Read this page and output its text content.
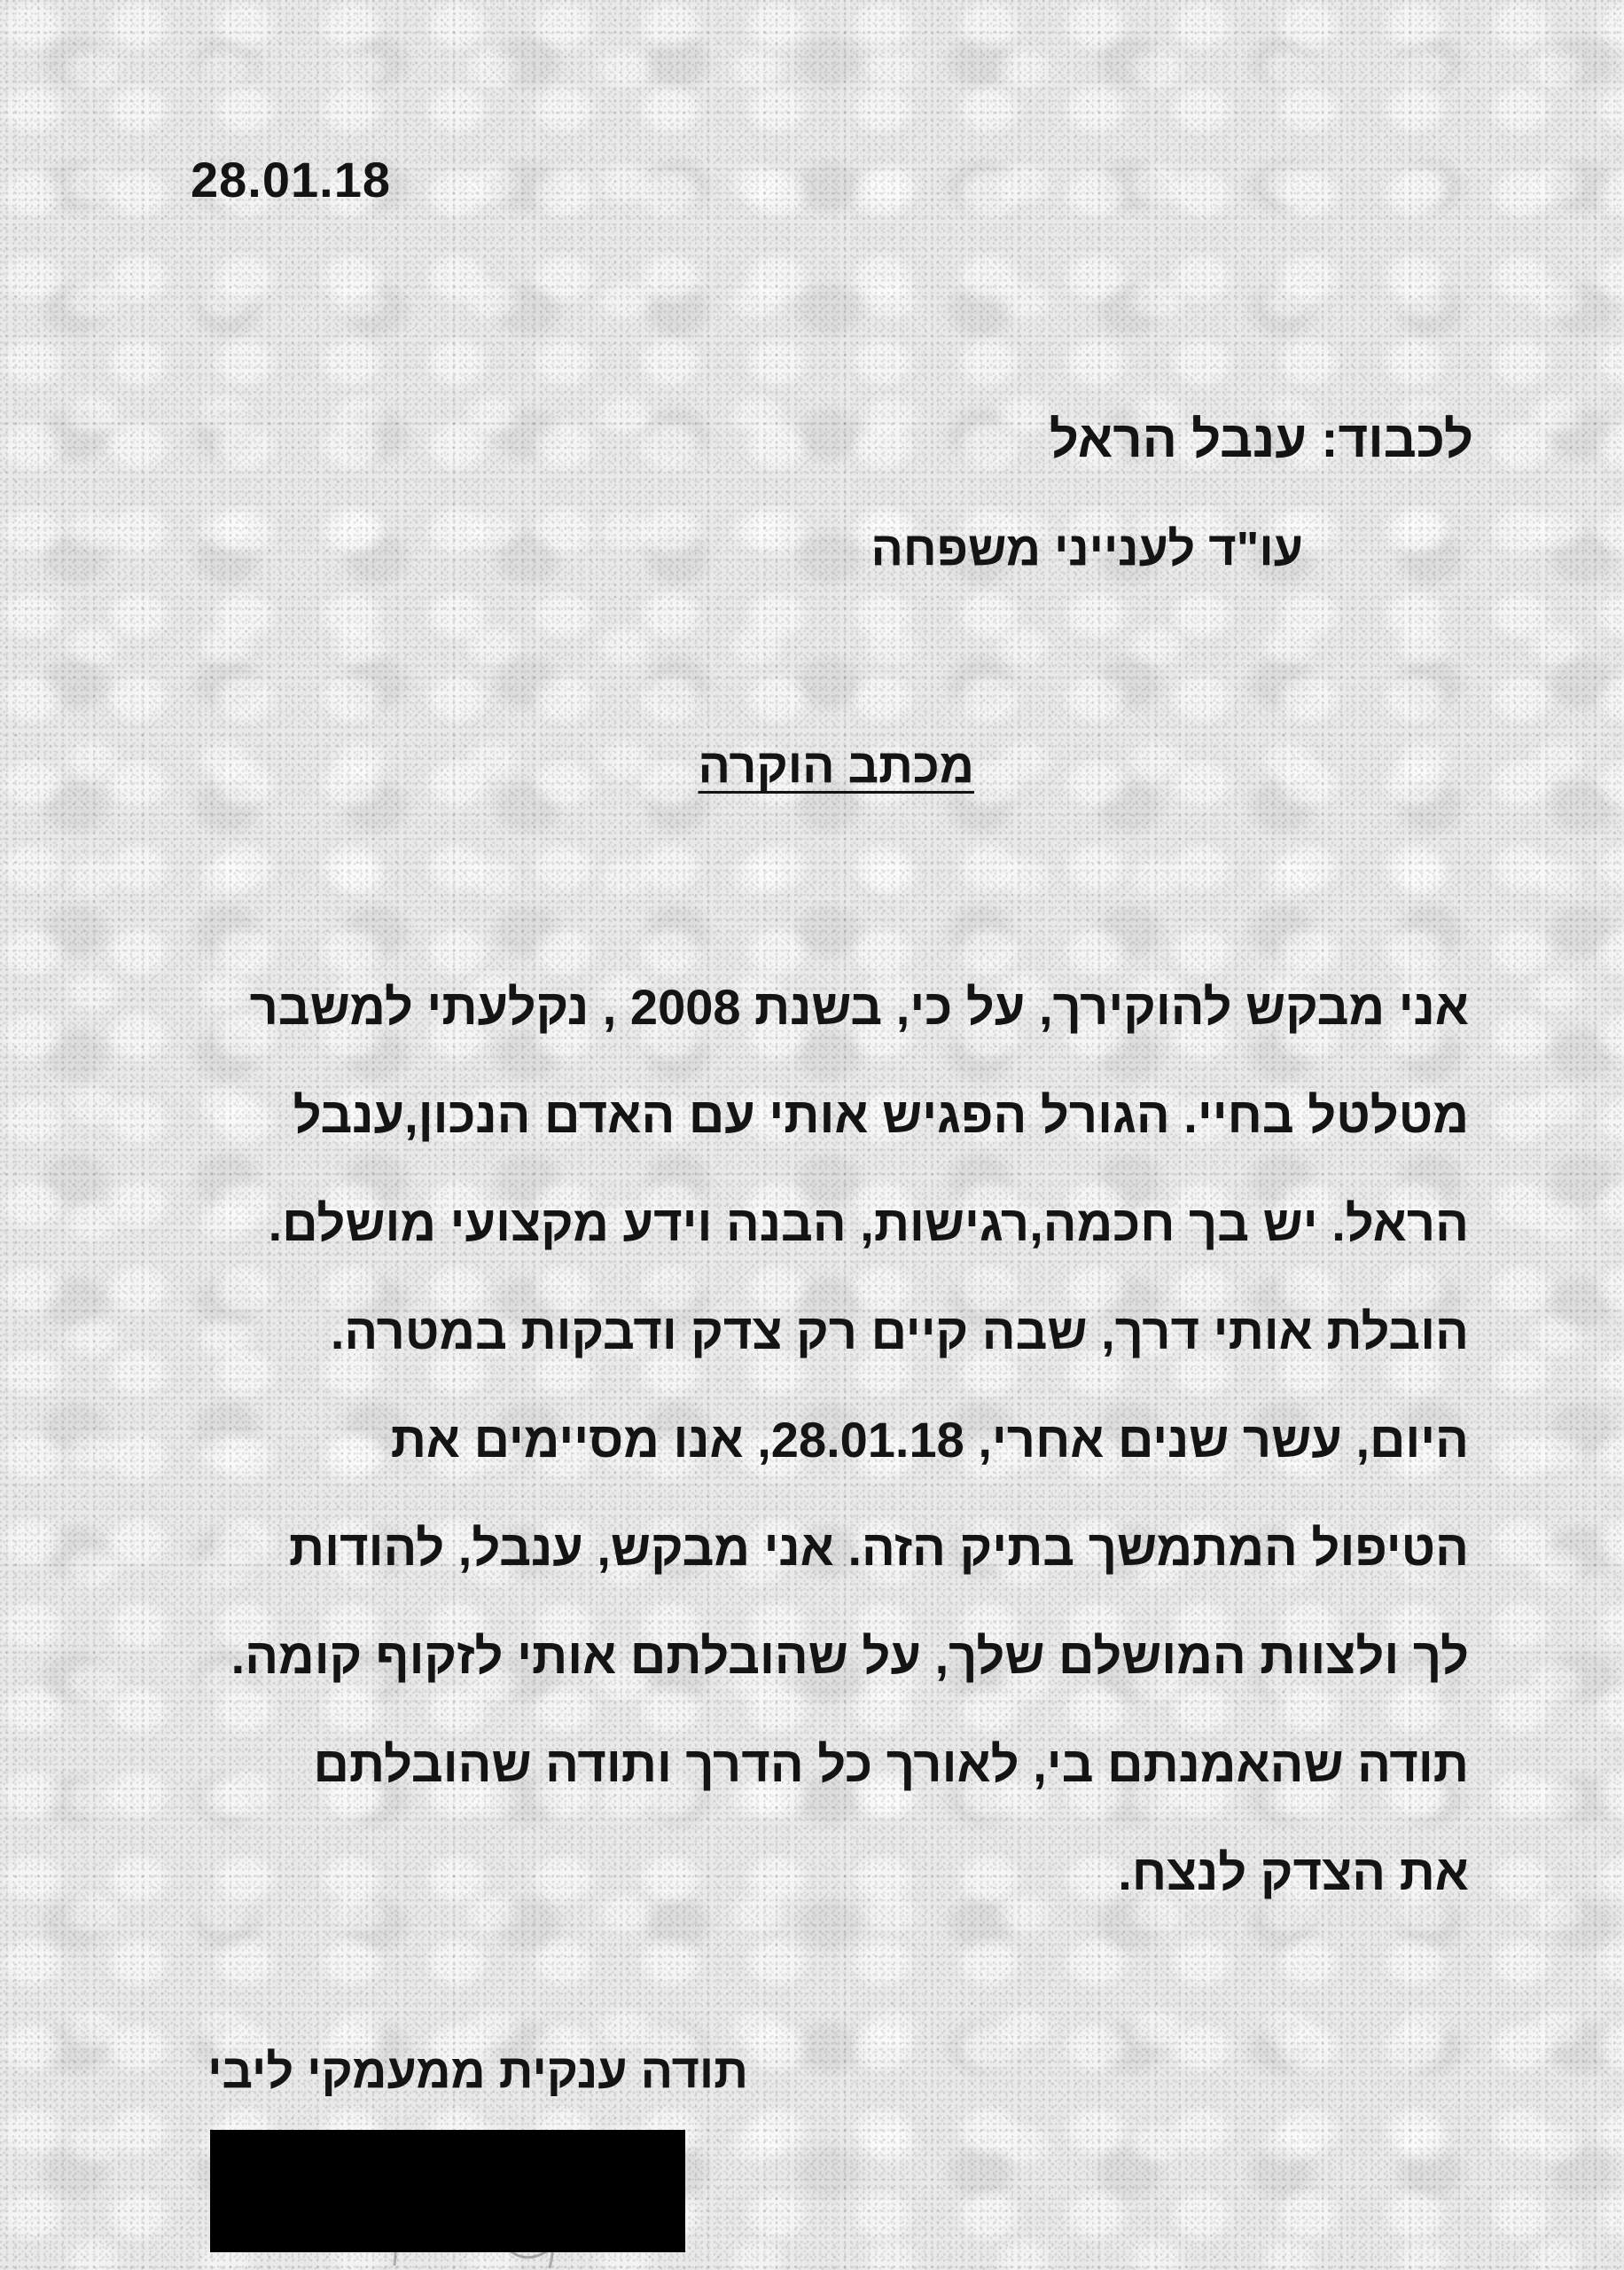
28.01.18
לכבוד: ענבל הראל
עו"ד לענייני משפחה
מכתב הוקרה
אני מבקש להוקירך, על כי, בשנת 2008 , נקלעתי למשבר
מטלטל בחיי. הגורל הפגיש אותי עם האדם הנכון,ענבל
הראל. יש בך חכמה,רגישות, הבנה וידע מקצועי מושלם.
הובלת אותי דרך, שבה קיים רק צדק ודבקות במטרה.
היום, עשר שנים אחרי, 28.01.18, אנו מסיימים את
הטיפול המתמשך בתיק הזה. אני מבקש, ענבל, להודות
לך ולצוות המושלם שלך, על שהובלתם אותי לזקוף קומה.
תודה שהאמנתם בי, לאורך כל הדרך ותודה שהובלתם
את הצדק לנצח.
תודה ענקית ממעמקי ליבי
